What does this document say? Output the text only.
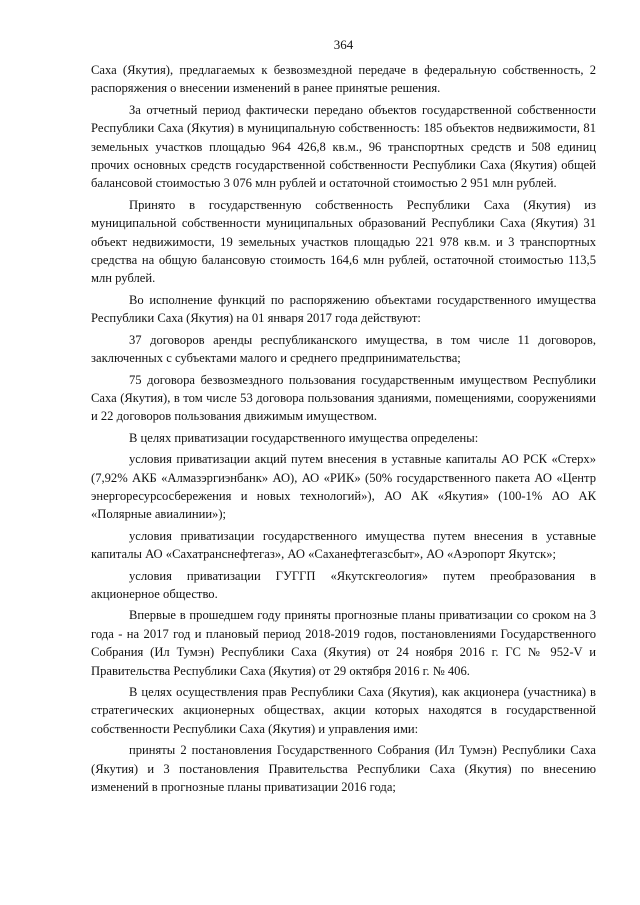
364

Саха (Якутия), предлагаемых к безвозмездной передаче в федеральную собственность, 2 распоряжения о внесении изменений в ранее принятые решения.

За отчетный период фактически передано объектов государственной собственности Республики Саха (Якутия) в муниципальную собственность: 185 объектов недвижимости, 81 земельных участков площадью 964 426,8 кв.м., 96 транспортных средств и 508 единиц прочих основных средств государственной собственности Республики Саха (Якутия) общей балансовой стоимостью 3 076 млн рублей и остаточной стоимостью 2 951 млн рублей.

Принято в государственную собственность Республики Саха (Якутия) из муниципальной собственности муниципальных образований Республики Саха (Якутия) 31 объект недвижимости, 19 земельных участков площадью 221 978 кв.м. и 3 транспортных средства на общую балансовую стоимость 164,6 млн рублей, остаточной стоимостью 113,5 млн рублей.

Во исполнение функций по распоряжению объектами государственного имущества Республики Саха (Якутия) на 01 января 2017 года действуют:

37 договоров аренды республиканского имущества, в том числе 11 договоров, заключенных с субъектами малого и среднего предпринимательства;

75 договора безвозмездного пользования государственным имуществом Республики Саха (Якутия), в том числе 53 договора пользования зданиями, помещениями, сооружениями и 22 договоров пользования движимым имуществом.

В целях приватизации государственного имущества определены:

условия приватизации акций путем внесения в уставные капиталы АО РСК «Стерх» (7,92% АКБ «Алмазэргиэнбанк» АО), АО «РИК» (50% государственного пакета АО «Центр энергоресурсосбережения и новых технологий»), АО АК «Якутия» (100-1% АО АК «Полярные авиалинии»);

условия приватизации государственного имущества путем внесения в уставные капиталы АО «Сахатранснефтегаз», АО «Саханефтегазсбыт», АО «Аэропорт Якутск»;

условия приватизации ГУГГП «Якутскгеология» путем преобразования в акционерное общество.

Впервые в прошедшем году приняты прогнозные планы приватизации со сроком на 3 года - на 2017 год и плановый период 2018-2019 годов, постановлениями Государственного Собрания (Ил Тумэн) Республики Саха (Якутия) от 24 ноября 2016 г. ГС № 952-V и Правительства Республики Саха (Якутия) от 29 октября 2016 г. № 406.

В целях осуществления прав Республики Саха (Якутия), как акционера (участника) в стратегических акционерных обществах, акции которых находятся в государственной собственности Республики Саха (Якутия) и управления ими:

приняты 2 постановления Государственного Собрания (Ил Тумэн) Республики Саха (Якутия) и 3 постановления Правительства Республики Саха (Якутия) по внесению изменений в прогнозные планы приватизации 2016 года;
